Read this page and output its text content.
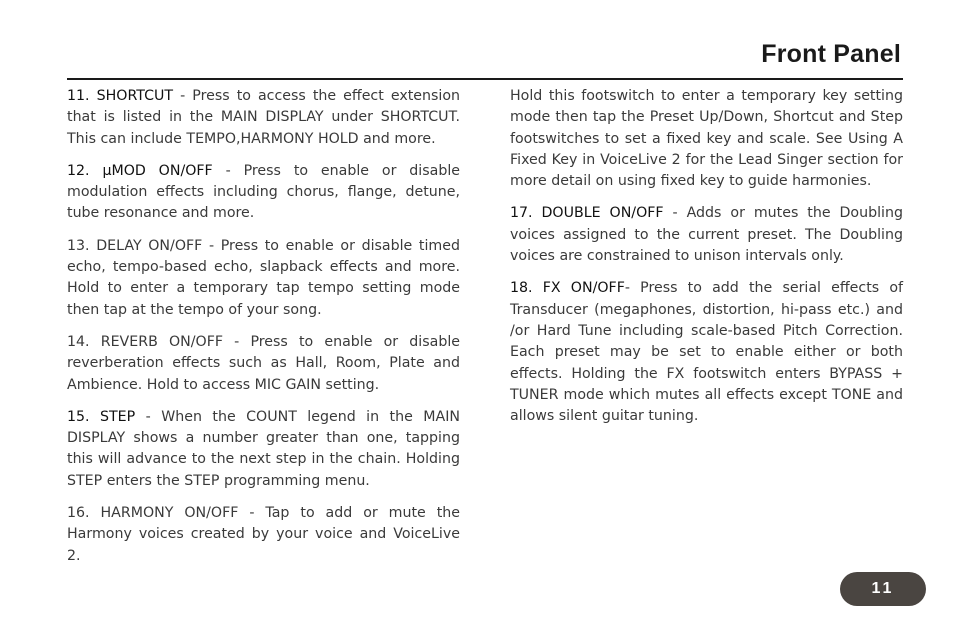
Front Panel

11. SHORTCUT - Press to access the effect extension that is listed in the MAIN DISPLAY under SHORTCUT. This can include TEMPO,HARMONY HOLD and more.

12. μMOD ON/OFF - Press to enable or disable modulation effects including chorus, flange, detune, tube resonance and more.

13. DELAY ON/OFF - Press to enable or disable timed echo, tempo-based echo, slapback effects and more. Hold to enter a temporary tap tempo setting mode then tap at the tempo of your song.

14. REVERB ON/OFF - Press to enable or disable reverberation effects such as Hall, Room, Plate and Ambience. Hold to access MIC GAIN setting.

15. STEP - When the COUNT legend in the MAIN DISPLAY shows a number greater than one, tapping this will advance to the next step in the chain. Holding STEP enters the STEP programming menu.

16. HARMONY ON/OFF - Tap to add or mute the Harmony voices created by your voice and VoiceLive 2.

Hold this footswitch to enter a temporary key setting mode then tap the Preset Up/Down, Shortcut and Step footswitches to set a fixed key and scale. See Using A Fixed Key in VoiceLive 2 for the Lead Singer section for more detail on using fixed key to guide harmonies.

17. DOUBLE ON/OFF - Adds or mutes the Doubling voices assigned to the current preset. The Doubling voices are constrained to unison intervals only.

18. FX ON/OFF- Press to add the serial effects of Transducer (megaphones, distortion, hi-pass etc.) and /or Hard Tune including scale-based Pitch Correction. Each preset may be set to enable either or both effects. Holding the FX footswitch enters BYPASS + TUNER mode which mutes all effects except TONE and allows silent guitar tuning.

11
